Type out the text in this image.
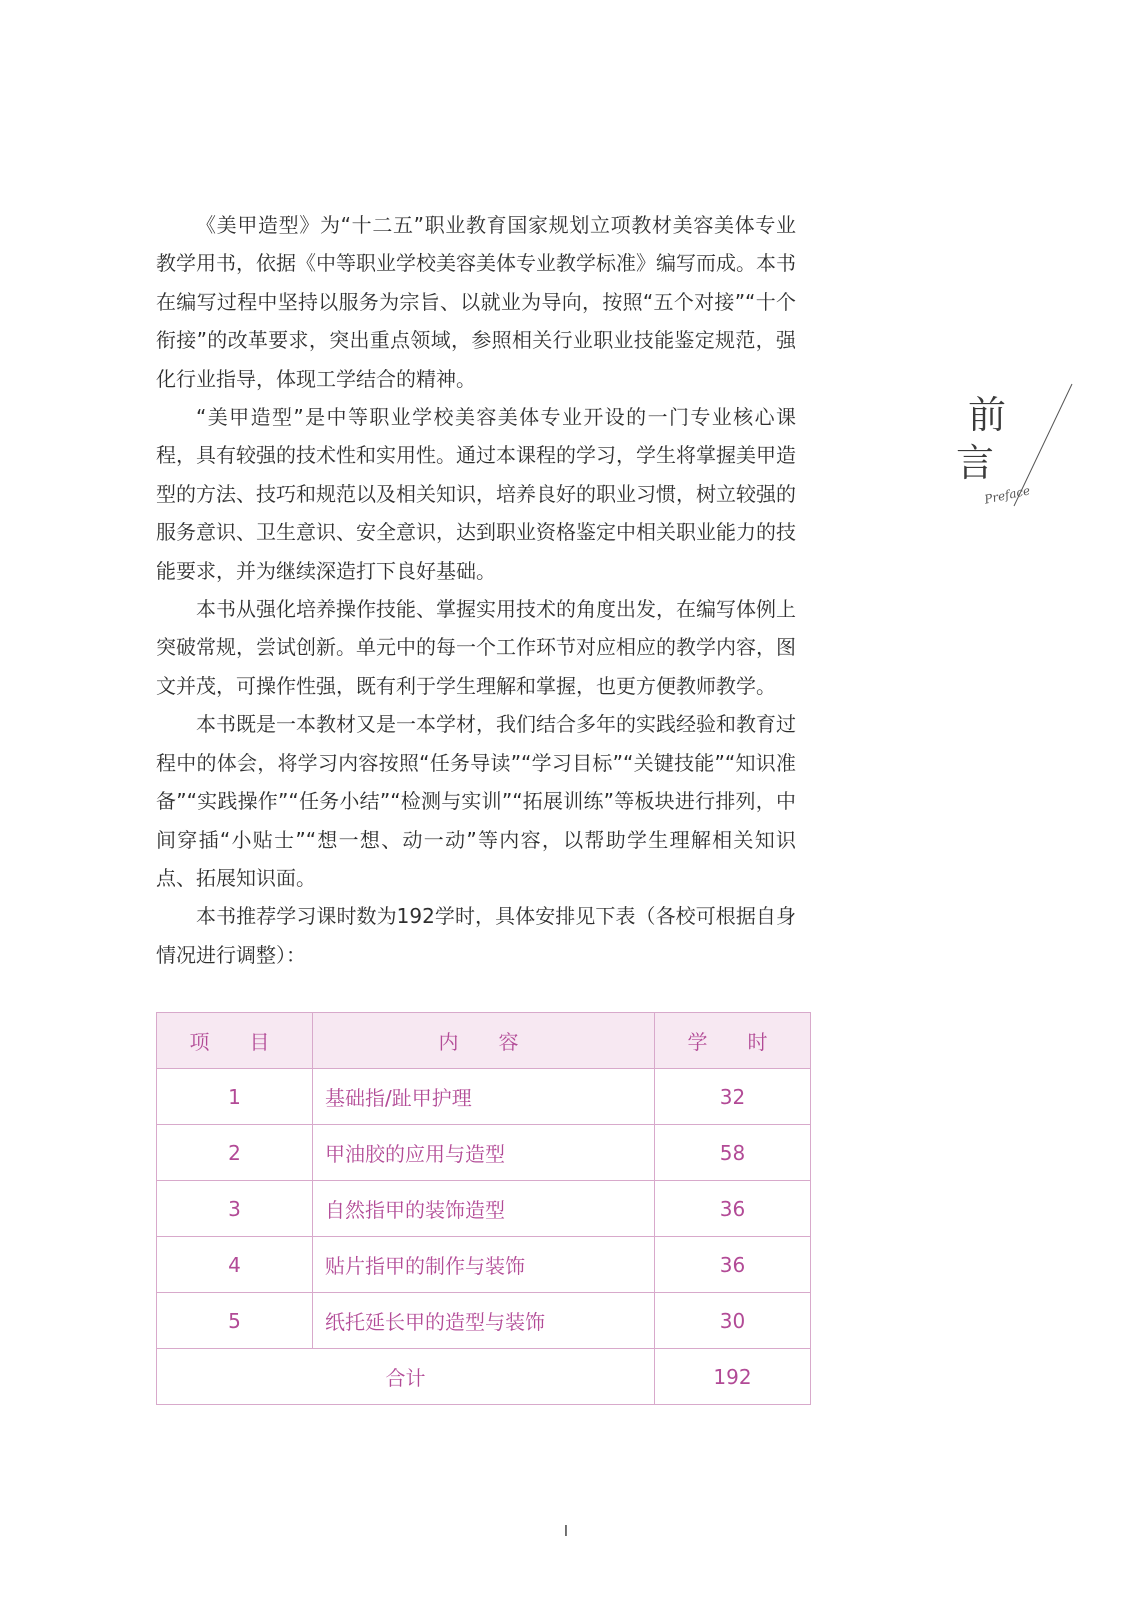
《美甲造型》为“十二五”职业教育国家规划立项教材美容美体专业教学用书，依据《中等职业学校美容美体专业教学标准》编写而成。本书在编写过程中坚持以服务为宗旨、以就业为导向，按照“五个对接”“十个衔接”的改革要求，突出重点领域，参照相关行业职业技能鉴定规范，强化行业指导，体现工学结合的精神。

“美甲造型”是中等职业学校美容美体专业开设的一门专业核心课程，具有较强的技术性和实用性。通过本课程的学习，学生将掌握美甲造型的方法、技巧和规范以及相关知识，培养良好的职业习惯，树立较强的服务意识、卫生意识、安全意识，达到职业资格鉴定中相关职业能力的技能要求，并为继续深造打下良好基础。

本书从强化培养操作技能、掌握实用技术的角度出发，在编写体例上突破常规，尝试创新。单元中的每一个工作环节对应相应的教学内容，图文并茂，可操作性强，既有利于学生理解和掌握，也更方便教师教学。

本书既是一本教材又是一本学材，我们结合多年的实践经验和教育过程中的体会，将学习内容按照“任务导读”“学习目标”“关键技能”“知识准备”“实践操作”“任务小结”“检测与实训”“拓展训练”等板块进行排列，中间穿插“小贴士”“想一想、动一动”等内容，以帮助学生理解相关知识点、拓展知识面。

本书推荐学习课时数为192学时，具体安排见下表（各校可根据自身情况进行调整）：

前
言
Preface
项　目	内　容	学　时
1	基础指/趾甲护理	32
2	甲油胶的应用与造型	58
3	自然指甲的装饰造型	36
4	贴片指甲的制作与装饰	36
5	纸托延长甲的造型与装饰	30
合计		192
I
